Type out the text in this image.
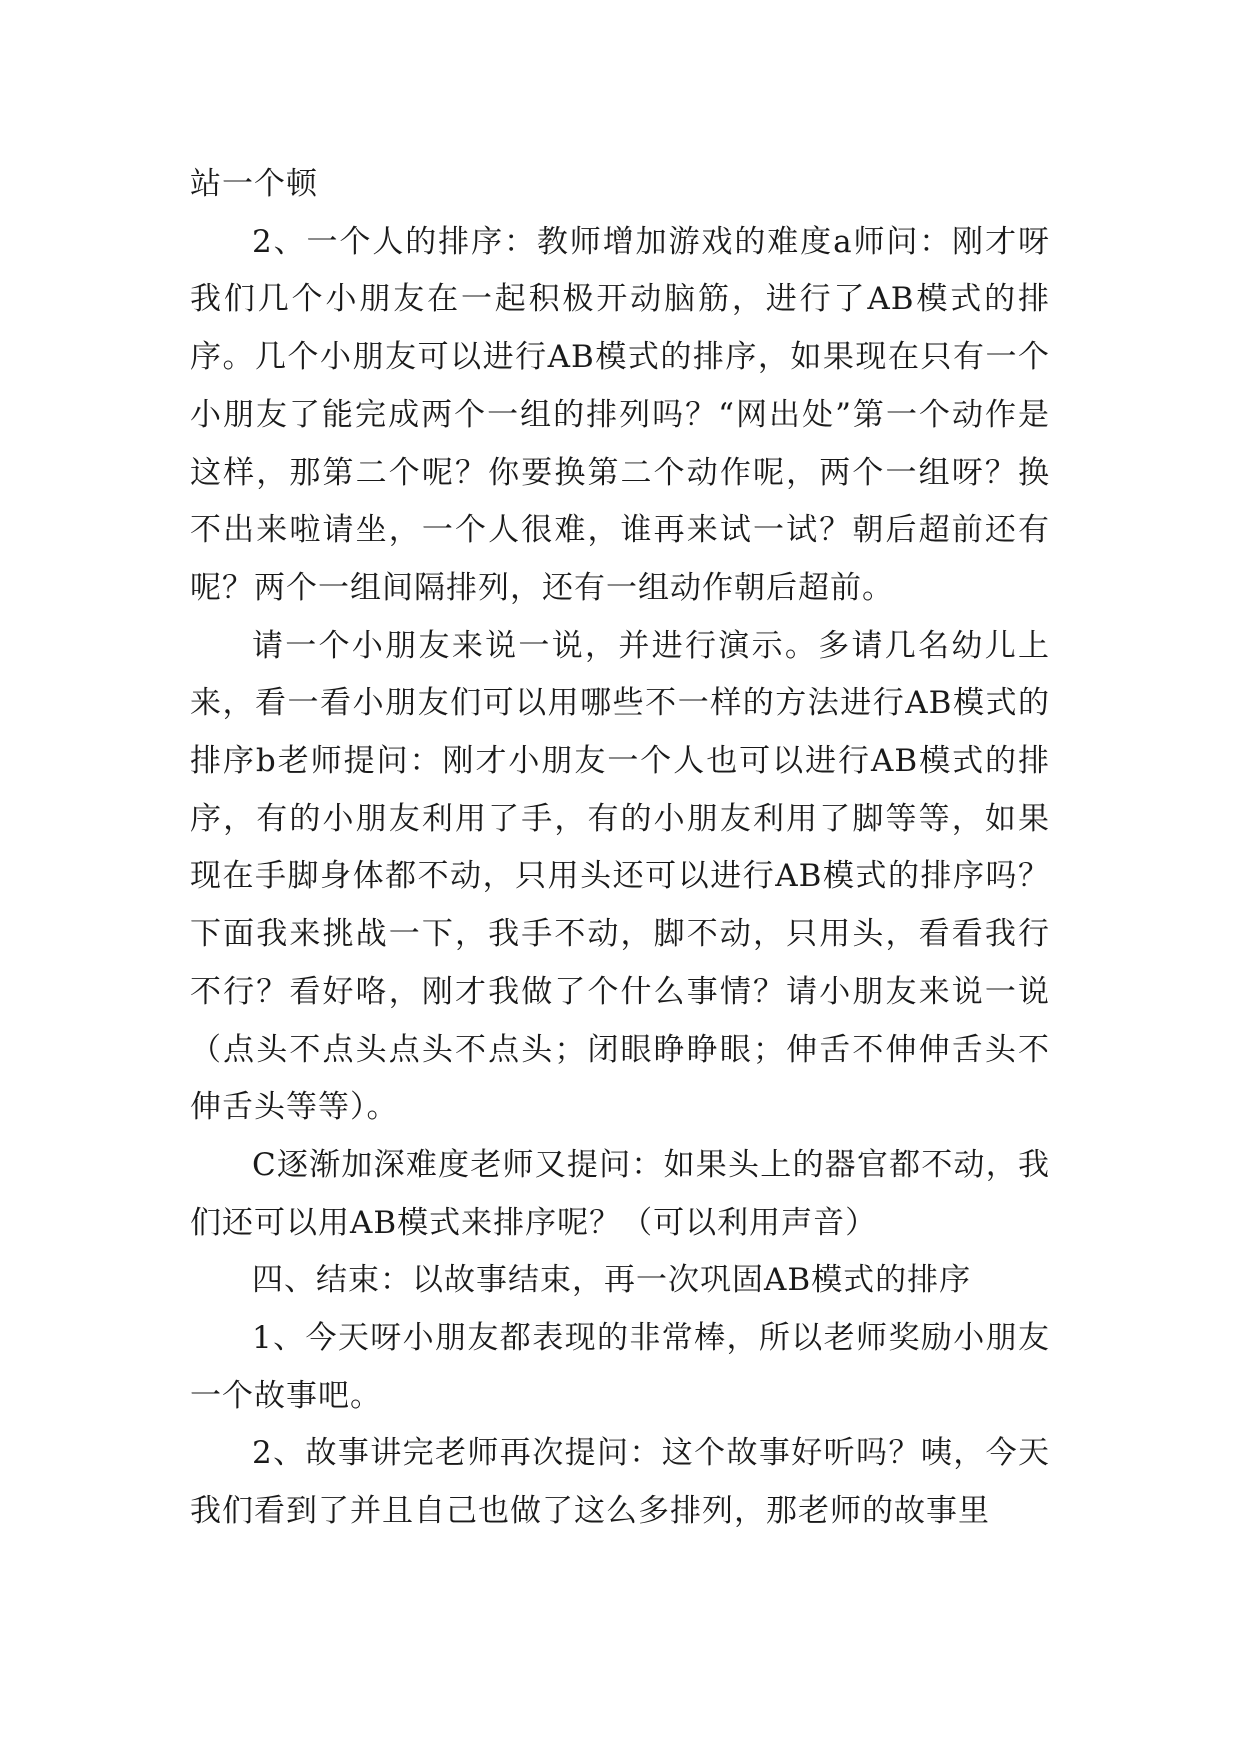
站一个顿

2、一个人的排序：教师增加游戏的难度a师问：刚才呀我们几个小朋友在一起积极开动脑筋，进行了AB模式的排序。几个小朋友可以进行AB模式的排序，如果现在只有一个小朋友了能完成两个一组的排列吗？“网出处”第一个动作是这样，那第二个呢？你要换第二个动作呢，两个一组呀？换不出来啦请坐，一个人很难，谁再来试一试？朝后超前还有呢？两个一组间隔排列，还有一组动作朝后超前。

请一个小朋友来说一说，并进行演示。多请几名幼儿上来，看一看小朋友们可以用哪些不一样的方法进行AB模式的排序b老师提问：刚才小朋友一个人也可以进行AB模式的排序，有的小朋友利用了手，有的小朋友利用了脚等等，如果现在手脚身体都不动，只用头还可以进行AB模式的排序吗？下面我来挑战一下，我手不动，脚不动，只用头，看看我行不行？看好咯，刚才我做了个什么事情？请小朋友来说一说（点头不点头点头不点头；闭眼睁睁眼；伸舌不伸伸舌头不伸舌头等等）。

C逐渐加深难度老师又提问：如果头上的器官都不动，我们还可以用AB模式来排序呢？（可以利用声音）

四、结束：以故事结束，再一次巩固AB模式的排序

1、今天呀小朋友都表现的非常棒，所以老师奖励小朋友一个故事吧。

2、故事讲完老师再次提问：这个故事好听吗？咦，今天我们看到了并且自己也做了这么多排列，那老师的故事里
